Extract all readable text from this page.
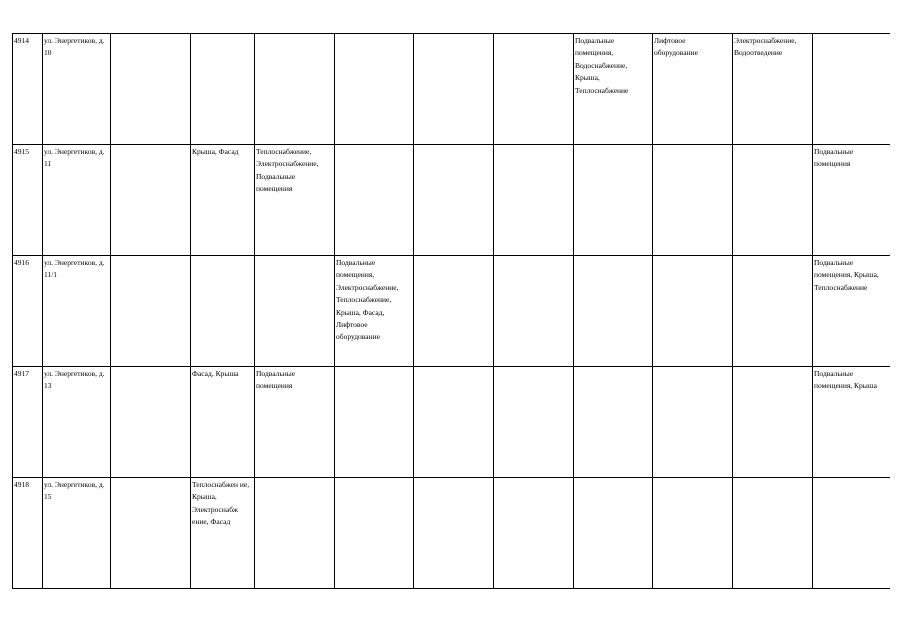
4914	ул. Энергетиков, д. 10							Подвальные помещения, Водоснабжение, Крыша, Теплоснабжение	Лифтовое оборудование	Электроснабжение, Водоотведение	
4915	ул. Энергетиков, д. 11		Крыша, Фасад	Теплоснабжение, Электроснабжение, Подвальные помещения							Подвальные помещения
4916	ул. Энергетиков, д. 11/1				Подвальные помещения, Электроснабжение, Теплоснабжение, Крыша, Фасад, Лифтовое оборудование						Подвальные помещения, Крыша, Теплоснабжение
4917	ул. Энергетиков, д. 13		Фасад, Крыша	Подвальные помещения							Подвальные помещения, Крыша
4918	ул. Энергетиков, д. 15		Теплоснабжен ие, Крыша, Электроснабж ение, Фасад								
